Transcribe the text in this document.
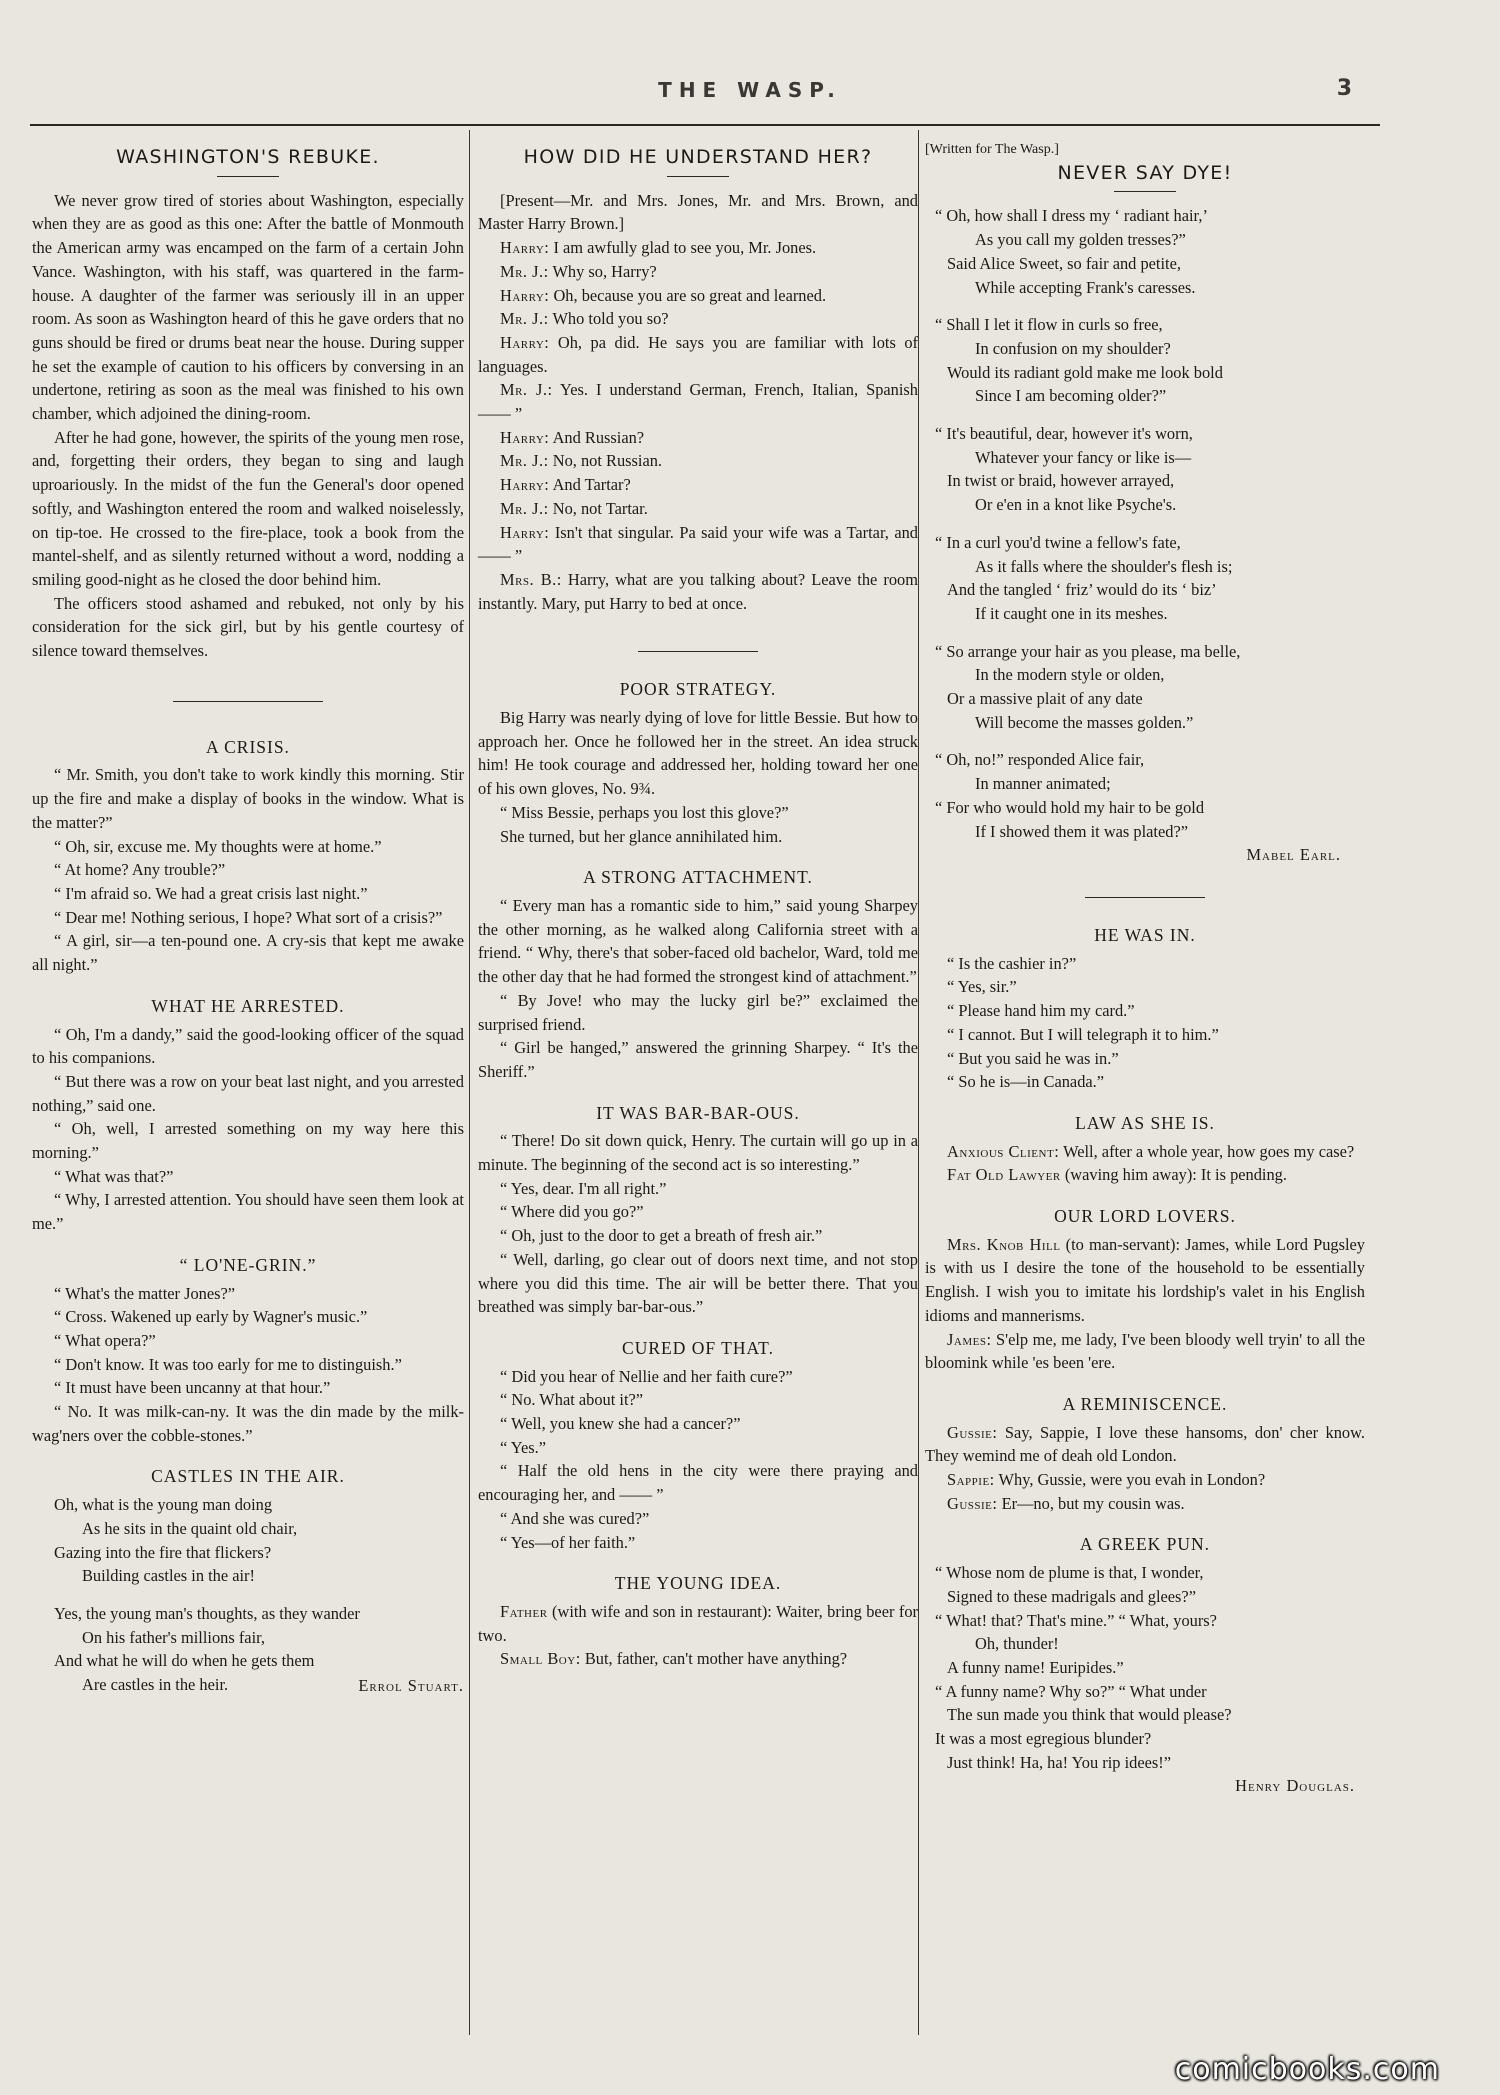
THE WASP.	3
WASHINGTON'S REBUKE.

We never grow tired of stories about Washington, especially when they are as good as this one: After the battle of Monmouth the American army was encamped on the farm of a certain John Vance. Washington, with his staff, was quartered in the farm-house. A daughter of the farmer was seriously ill in an upper room. As soon as Washington heard of this he gave orders that no guns should be fired or drums beat near the house. During supper he set the example of caution to his officers by conversing in an undertone, retiring as soon as the meal was finished to his own chamber, which adjoined the dining-room.

After he had gone, however, the spirits of the young men rose, and, forgetting their orders, they began to sing and laugh uproariously. In the midst of the fun the General's door opened softly, and Washington entered the room and walked noiselessly, on tip-toe. He crossed to the fire-place, took a book from the mantel-shelf, and as silently returned without a word, nodding a smiling good-night as he closed the door behind him.

The officers stood ashamed and rebuked, not only by his consideration for the sick girl, but by his gentle courtesy of silence toward themselves.

A CRISIS.

“ Mr. Smith, you don't take to work kindly this morning. Stir up the fire and make a display of books in the window. What is the matter?”

“ Oh, sir, excuse me. My thoughts were at home.”

“ At home? Any trouble?”

“ I'm afraid so. We had a great crisis last night.”

“ Dear me! Nothing serious, I hope? What sort of a crisis?”

“ A girl, sir—a ten-pound one. A cry-sis that kept me awake all night.”

WHAT HE ARRESTED.

“ Oh, I'm a dandy,” said the good-looking officer of the squad to his companions.

“ But there was a row on your beat last night, and you arrested nothing,” said one.

“ Oh, well, I arrested something on my way here this morning.”

“ What was that?”

“ Why, I arrested attention. You should have seen them look at me.”

“ LO'NE-GRIN.”

“ What's the matter Jones?”

“ Cross. Wakened up early by Wagner's music.”

“ What opera?”

“ Don't know. It was too early for me to distinguish.”

“ It must have been uncanny at that hour.”

“ No. It was milk-can-ny. It was the din made by the milk-wag'ners over the cobble-stones.”

CASTLES IN THE AIR.
Oh, what is the young man doing
As he sits in the quaint old chair,
Gazing into the fire that flickers?
Building castles in the air!
Yes, the young man's thoughts, as they wander
On his father's millions fair,
And what he will do when he gets them
Are castles in the heir.	Errol Stuart.
HOW DID HE UNDERSTAND HER?

[Present—Mr. and Mrs. Jones, Mr. and Mrs. Brown, and Master Harry Brown.]

Harry: I am awfully glad to see you, Mr. Jones.

Mr. J.: Why so, Harry?

Harry: Oh, because you are so great and learned.

Mr. J.: Who told you so?

Harry: Oh, pa did. He says you are familiar with lots of languages.

Mr. J.: Yes. I understand German, French, Italian, Spanish —— ”

Harry: And Russian?

Mr. J.: No, not Russian.

Harry: And Tartar?

Mr. J.: No, not Tartar.

Harry: Isn't that singular. Pa said your wife was a Tartar, and —— ”

Mrs. B.: Harry, what are you talking about? Leave the room instantly. Mary, put Harry to bed at once.

POOR STRATEGY.

Big Harry was nearly dying of love for little Bessie. But how to approach her. Once he followed her in the street. An idea struck him! He took courage and addressed her, holding toward her one of his own gloves, No. 9¾.

“ Miss Bessie, perhaps you lost this glove?”

She turned, but her glance annihilated him.

A STRONG ATTACHMENT.

“ Every man has a romantic side to him,” said young Sharpey the other morning, as he walked along California street with a friend. “ Why, there's that sober-faced old bachelor, Ward, told me the other day that he had formed the strongest kind of attachment.”

“ By Jove! who may the lucky girl be?” exclaimed the surprised friend.

“ Girl be hanged,” answered the grinning Sharpey. “ It's the Sheriff.”

IT WAS BAR-BAR-OUS.

“ There! Do sit down quick, Henry. The curtain will go up in a minute. The beginning of the second act is so interesting.”

“ Yes, dear. I'm all right.”

“ Where did you go?”

“ Oh, just to the door to get a breath of fresh air.”

“ Well, darling, go clear out of doors next time, and not stop where you did this time. The air will be better there. That you breathed was simply bar-bar-ous.”

CURED OF THAT.

“ Did you hear of Nellie and her faith cure?”

“ No. What about it?”

“ Well, you knew she had a cancer?”

“ Yes.”

“ Half the old hens in the city were there praying and encouraging her, and —— ”

“ And she was cured?”

“ Yes—of her faith.”

THE YOUNG IDEA.

Father (with wife and son in restaurant): Waiter, bring beer for two.

Small Boy: But, father, can't mother have anything?

[Written for The Wasp.]

NEVER SAY DYE!
“ Oh, how shall I dress my ‘ radiant hair,’
As you call my golden tresses?”
Said Alice Sweet, so fair and petite,
While accepting Frank's caresses.
“ Shall I let it flow in curls so free,
In confusion on my shoulder?
Would its radiant gold make me look bold
Since I am becoming older?”
“ It's beautiful, dear, however it's worn,
Whatever your fancy or like is—
In twist or braid, however arrayed,
Or e'en in a knot like Psyche's.
“ In a curl you'd twine a fellow's fate,
As it falls where the shoulder's flesh is;
And the tangled ‘ friz’ would do its ‘ biz’
If it caught one in its meshes.
“ So arrange your hair as you please, ma belle,
In the modern style or olden,
Or a massive plait of any date
Will become the masses golden.”
“ Oh, no!” responded Alice fair,
In manner animated;
“ For who would hold my hair to be gold
If I showed them it was plated?”
Mabel Earl.
HE WAS IN.

“ Is the cashier in?”

“ Yes, sir.”

“ Please hand him my card.”

“ I cannot. But I will telegraph it to him.”

“ But you said he was in.”

“ So he is—in Canada.”

LAW AS SHE IS.

Anxious Client: Well, after a whole year, how goes my case?

Fat Old Lawyer (waving him away): It is pending.

OUR LORD LOVERS.

Mrs. Knob Hill (to man-servant): James, while Lord Pugsley is with us I desire the tone of the household to be essentially English. I wish you to imitate his lordship's valet in his English idioms and mannerisms.

James: S'elp me, me lady, I've been bloody well tryin' to all the bloomink while 'es been 'ere.

A REMINISCENCE.

Gussie: Say, Sappie, I love these hansoms, don' cher know. They wemind me of deah old London.

Sappie: Why, Gussie, were you evah in London?

Gussie: Er—no, but my cousin was.

A GREEK PUN.
“ Whose nom de plume is that, I wonder,
Signed to these madrigals and glees?”
“ What! that? That's mine.” “ What, yours?
Oh, thunder!
A funny name! Euripides.”
“ A funny name? Why so?” “ What under
The sun made you think that would please?
It was a most egregious blunder?
Just think! Ha, ha! You rip idees!”
Henry Douglas.
comicbooks.com
